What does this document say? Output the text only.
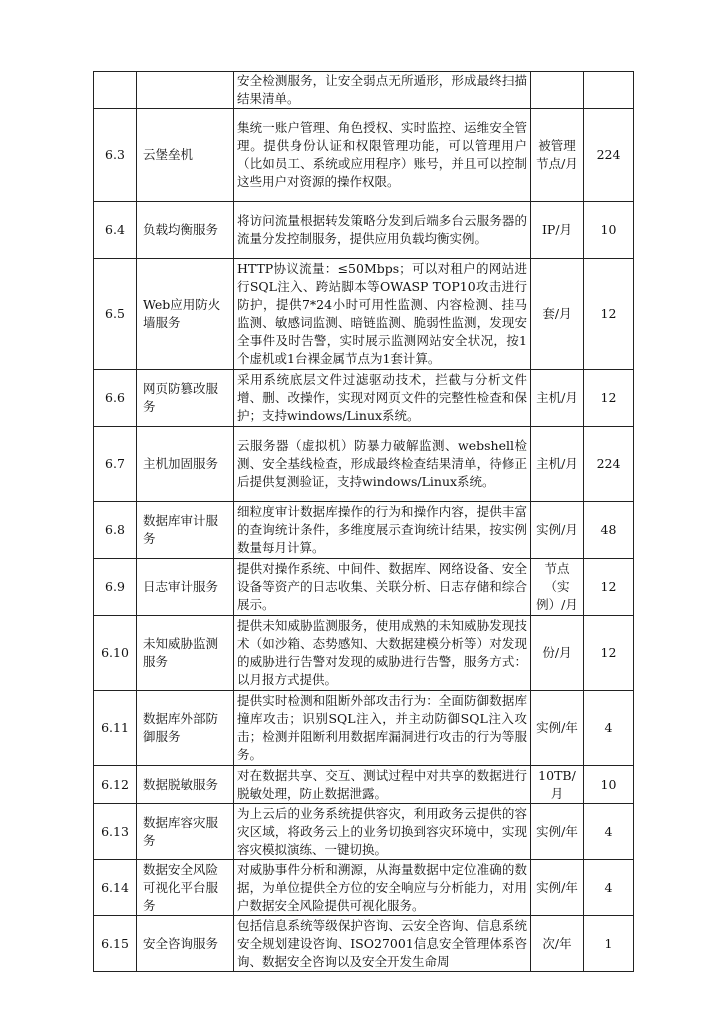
		安全检测服务，让安全弱点无所遁形，形成最终扫描结果清单。		
6.3	云堡垒机	集统一账户管理、角色授权、实时监控、运维安全管理。提供身份认证和权限管理功能，可以管理用户（比如员工、系统或应用程序）账号，并且可以控制这些用户对资源的操作权限。	被管理节点/月	224
6.4	负载均衡服务	将访问流量根据转发策略分发到后端多台云服务器的流量分发控制服务，提供应用负载均衡实例。	IP/月	10
6.5	Web应用防火墙服务	HTTP协议流量：≤50Mbps；可以对租户的网站进行SQL注入、跨站脚本等OWASP TOP10攻击进行防护，提供7*24小时可用性监测、内容检测、挂马监测、敏感词监测、暗链监测、脆弱性监测，发现安全事件及时告警，实时展示监测网站安全状况，按1个虚机或1台裸金属节点为1套计算。	套/月	12
6.6	网页防篡改服务	采用系统底层文件过滤驱动技术，拦截与分析文件增、删、改操作，实现对网页文件的完整性检查和保护；支持windows/Linux系统。	主机/月	12
6.7	主机加固服务	云服务器（虚拟机）防暴力破解监测、webshell检测、安全基线检查，形成最终检查结果清单，待修正后提供复测验证，支持windows/Linux系统。	主机/月	224
6.8	数据库审计服务	细粒度审计数据库操作的行为和操作内容，提供丰富的查询统计条件，多维度展示查询统计结果，按实例数量每月计算。	实例/月	48
6.9	日志审计服务	提供对操作系统、中间件、数据库、网络设备、安全设备等资产的日志收集、关联分析、日志存储和综合展示。	节点（实例）/月	12
6.10	未知威胁监测服务	提供未知威胁监测服务，使用成熟的未知威胁发现技术（如沙箱、态势感知、大数据建模分析等）对发现的威胁进行告警对发现的威胁进行告警，服务方式：以月报方式提供。	份/月	12
6.11	数据库外部防御服务	提供实时检测和阻断外部攻击行为：全面防御数据库撞库攻击；识别SQL注入，并主动防御SQL注入攻击；检测并阻断利用数据库漏洞进行攻击的行为等服务。	实例/年	4
6.12	数据脱敏服务	对在数据共享、交互、测试过程中对共享的数据进行脱敏处理，防止数据泄露。	10TB/月	10
6.13	数据库容灾服务	为上云后的业务系统提供容灾，利用政务云提供的容灾区域，将政务云上的业务切换到容灾环境中，实现容灾模拟演练、一键切换。	实例/年	4
6.14	数据安全风险可视化平台服务	对威胁事件分析和溯源，从海量数据中定位准确的数据，为单位提供全方位的安全响应与分析能力，对用户数据安全风险提供可视化服务。	实例/年	4
6.15	安全咨询服务	包括信息系统等级保护咨询、云安全咨询、信息系统安全规划建设咨询、ISO27001信息安全管理体系咨询、数据安全咨询以及安全开发生命周	次/年	1
